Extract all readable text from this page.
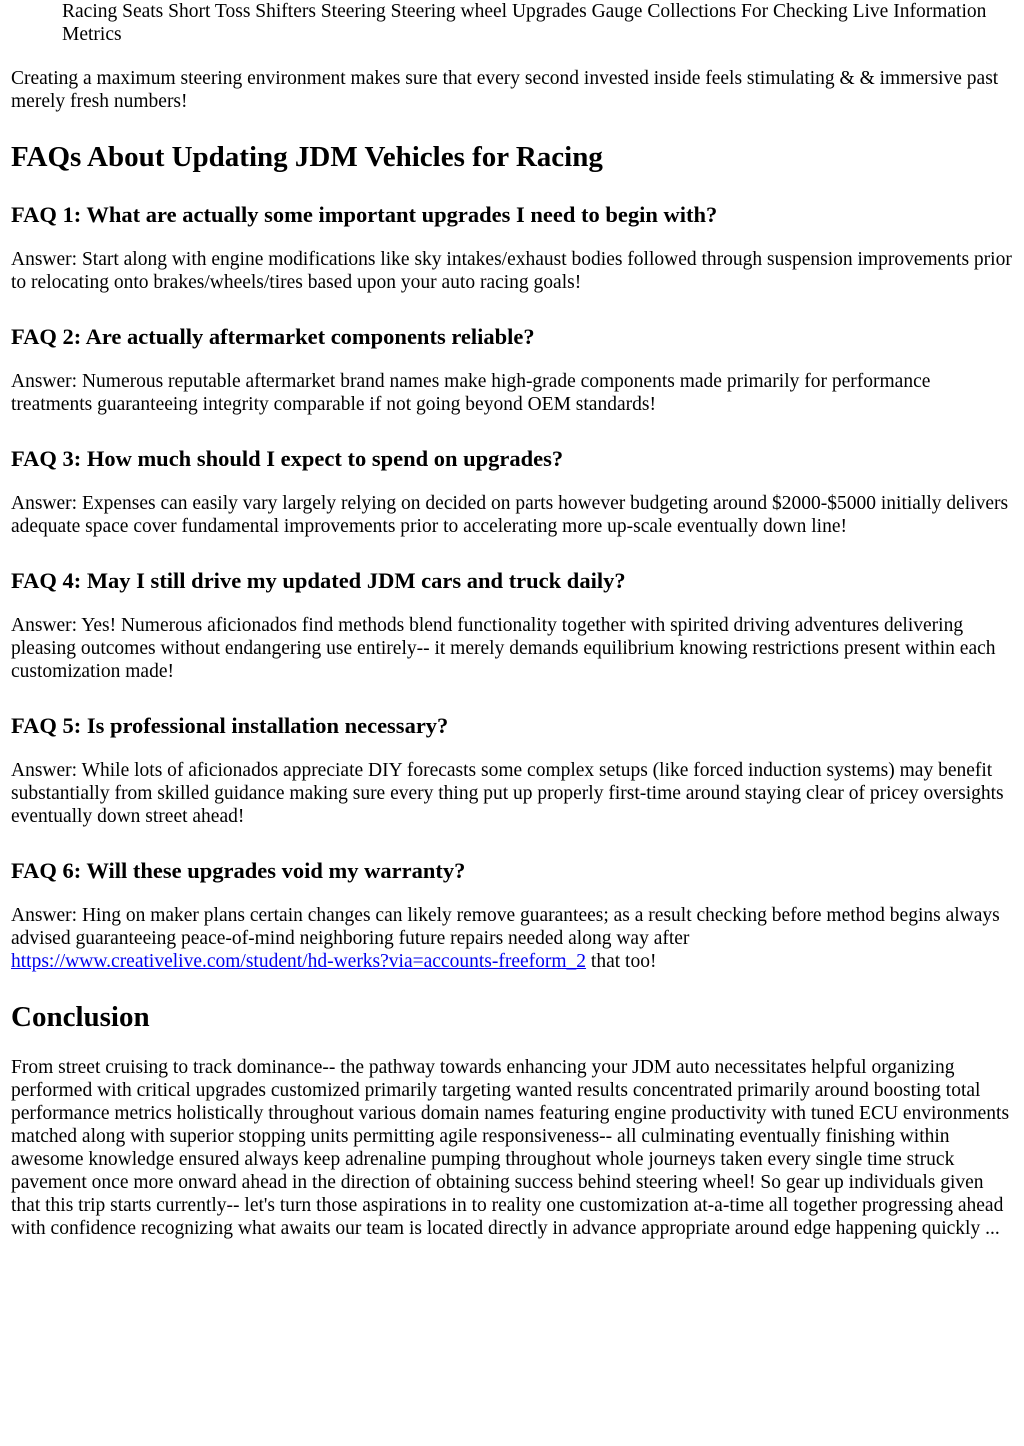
Racing Seats Short Toss Shifters Steering Steering wheel Upgrades Gauge Collections For Checking Live Information Metrics

Creating a maximum steering environment makes sure that every second invested inside feels stimulating & & immersive past merely fresh numbers!

FAQs About Updating JDM Vehicles for Racing
FAQ 1: What are actually some important upgrades I need to begin with?

Answer: Start along with engine modifications like sky intakes/exhaust bodies followed through suspension improvements prior to relocating onto brakes/wheels/tires based upon your auto racing goals!

FAQ 2: Are actually aftermarket components reliable?

Answer: Numerous reputable aftermarket brand names make high-grade components made primarily for performance treatments guaranteeing integrity comparable if not going beyond OEM standards!

FAQ 3: How much should I expect to spend on upgrades?

Answer: Expenses can easily vary largely relying on decided on parts however budgeting around $2000-$5000 initially delivers adequate space cover fundamental improvements prior to accelerating more up-scale eventually down line!

FAQ 4: May I still drive my updated JDM cars and truck daily?

Answer: Yes! Numerous aficionados find methods blend functionality together with spirited driving adventures delivering pleasing outcomes without endangering use entirely-- it merely demands equilibrium knowing restrictions present within each customization made!

FAQ 5: Is professional installation necessary?

Answer: While lots of aficionados appreciate DIY forecasts some complex setups (like forced induction systems) may benefit substantially from skilled guidance making sure every thing put up properly first-time around staying clear of pricey oversights eventually down street ahead!

FAQ 6: Will these upgrades void my warranty?

Answer: Hing on maker plans certain changes can likely remove guarantees; as a result checking before method begins always advised guaranteeing peace-of-mind neighboring future repairs needed along way after https://www.creativelive.com/student/hd-werks?via=accounts-freeform_2 that too!

Conclusion

From street cruising to track dominance-- the pathway towards enhancing your JDM auto necessitates helpful organizing performed with critical upgrades customized primarily targeting wanted results concentrated primarily around boosting total performance metrics holistically throughout various domain names featuring engine productivity with tuned ECU environments matched along with superior stopping units permitting agile responsiveness-- all culminating eventually finishing within awesome knowledge ensured always keep adrenaline pumping throughout whole journeys taken every single time struck pavement once more onward ahead in the direction of obtaining success behind steering wheel! So gear up individuals given that this trip starts currently-- let's turn those aspirations in to reality one customization at-a-time all together progressing ahead with confidence recognizing what awaits our team is located directly in advance appropriate around edge happening quickly ...
